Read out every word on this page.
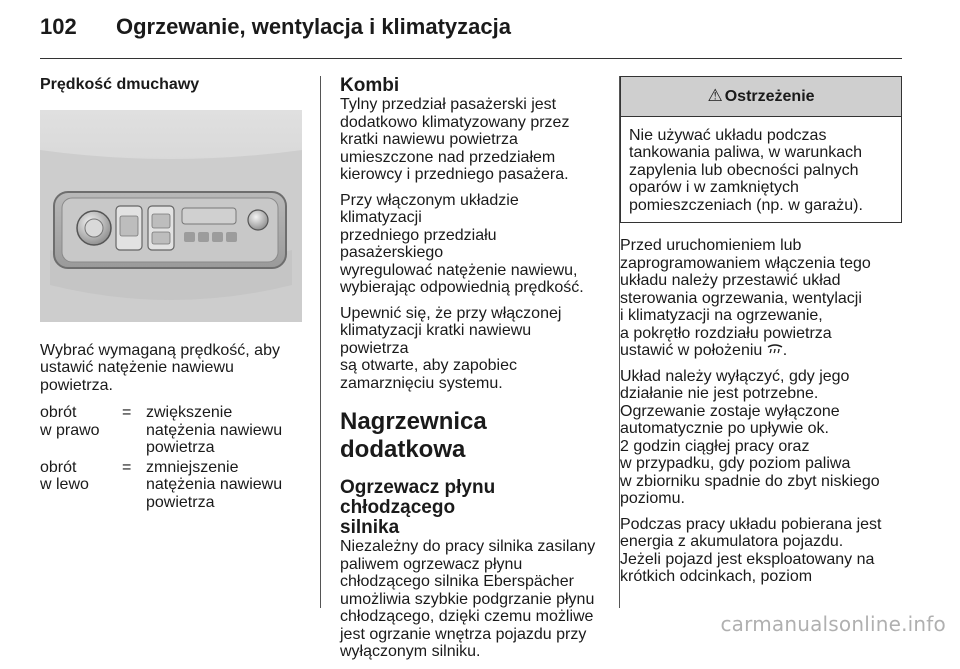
102 Ogrzewanie, wentylacja i klimatyzacja
Prędkość dmuchawy

Wybrać wymaganą prędkość, aby
ustawić natężenie nawiewu
powietrza.

obrót
w prawo
= zwiększenie
natężenia nawiewu
powietrza
obrót
w lewo
= zmniejszenie
natężenia nawiewu
powietrza
Kombi

Tylny przedział pasażerski jest
dodatkowo klimatyzowany przez
kratki nawiewu powietrza
umieszczone nad przedziałem
kierowcy i przedniego pasażera.

Przy włączonym układzie klimatyzacji
przedniego przedziału pasażerskiego
wyregulować natężenie nawiewu,
wybierając odpowiednią prędkość.

Upewnić się, że przy włączonej
klimatyzacji kratki nawiewu powietrza
są otwarte, aby zapobiec
zamarznięciu systemu.

Nagrzewnica dodatkowa
Ogrzewacz płynu chłodzącego
silnika

Niezależny do pracy silnika zasilany
paliwem ogrzewacz płynu
chłodzącego silnika Eberspächer
umożliwia szybkie podgrzanie płynu
chłodzącego, dzięki czemu możliwe
jest ogrzanie wnętrza pojazdu przy
wyłączonym silniku.

⚠ Ostrzeżenie
Nie używać układu podczas
tankowania paliwa, w warunkach
zapylenia lub obecności palnych
oparów i w zamkniętych
pomieszczeniach (np. w garażu).

Przed uruchomieniem lub
zaprogramowaniem włączenia tego
układu należy przestawić układ
sterowania ogrzewania, wentylacji
i klimatyzacji na ogrzewanie,
a pokrętło rozdziału powietrza
ustawić w położeniu .

Układ należy wyłączyć, gdy jego
działanie nie jest potrzebne.
Ogrzewanie zostaje wyłączone
automatycznie po upływie ok.
2 godzin ciągłej pracy oraz
w przypadku, gdy poziom paliwa
w zbiorniku spadnie do zbyt niskiego
poziomu.

Podczas pracy układu pobierana jest
energia z akumulatora pojazdu.
Jeżeli pojazd jest eksploatowany na
krótkich odcinkach, poziom

carmanualsonline.info
